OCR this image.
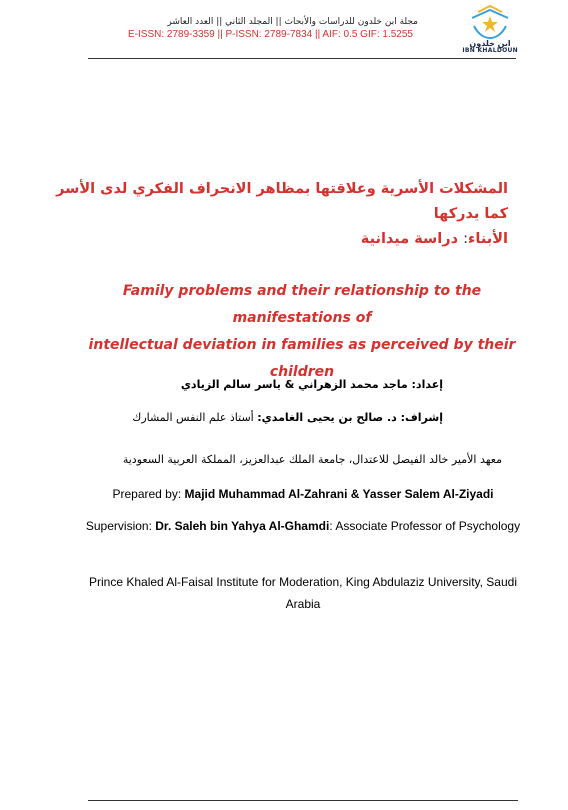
مجلة ابن خلدون للدراسات والأبحاث || المجلد الثاني || العدد العاشر
E-ISSN: 2789-3359 || P-ISSN: 2789-7834 || AIF: 0.5 GIF: 1.5255
ابن خلدون
IBN KHALDOUN
المشكلات الأسرية وعلاقتها بمظاهر الانحراف الفكري لدى الأسر كما يدركها
الأبناء: دراسة ميدانية
Family problems and their relationship to the manifestations of
intellectual deviation in families as perceived by their children
إعداد: ماجد محمد الزهراني & ياسر سالم الزيادي
إشراف: د. صالح بن يحيى الغامدي: أستاذ علم النفس المشارك
معهد الأمير خالد الفيصل للاعتدال، جامعة الملك عبدالعزيز، المملكة العربية السعودية
Prepared by: Majid Muhammad Al-Zahrani & Yasser Salem Al-Ziyadi
Supervision: Dr. Saleh bin Yahya Al-Ghamdi: Associate Professor of Psychology
Prince Khaled Al-Faisal Institute for Moderation, King Abdulaziz University, Saudi Arabia
